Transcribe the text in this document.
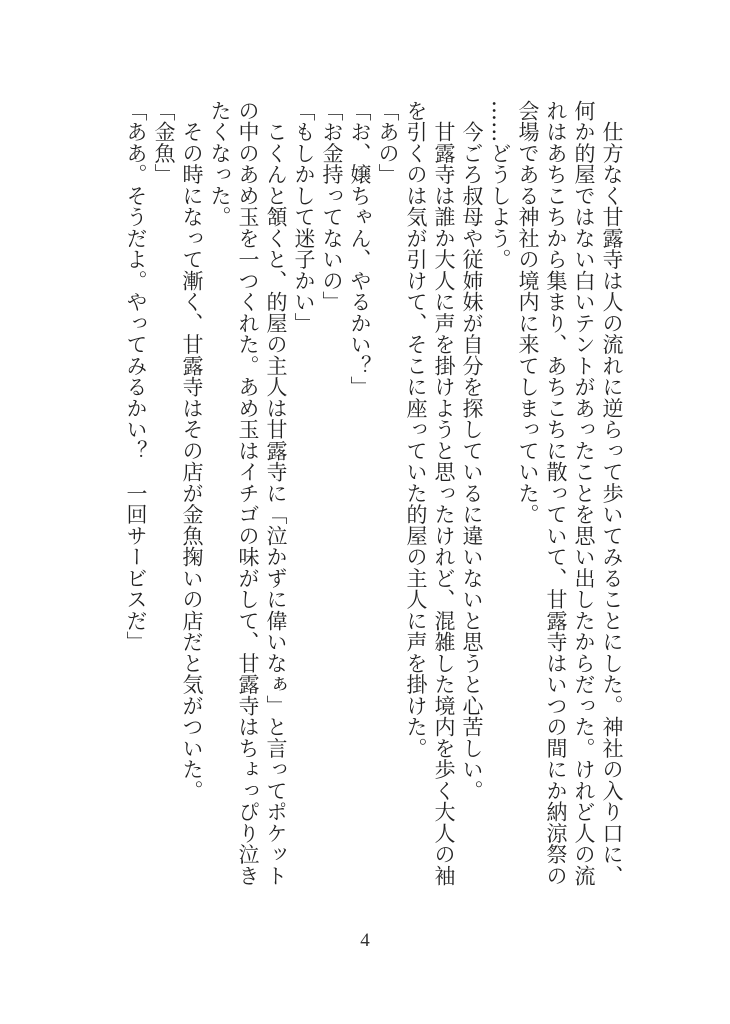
　仕方なく甘露寺は人の流れに逆らって歩いてみることにした。神社の入り口に、
何か的屋ではない白いテントがあったことを思い出したからだった。けれど人の流
れはあちこちから集まり、あちこちに散っていて、甘露寺はいつの間にか納涼祭の
会場である神社の境内に来てしまっていた。
……どうしよう。
　今ごろ叔母や従姉妹が自分を探しているに違いないと思うと心苦しい。
　甘露寺は誰か大人に声を掛けようと思ったけれど、混雑した境内を歩く大人の袖
を引くのは気が引けて、そこに座っていた的屋の主人に声を掛けた。
「あの」
「お、嬢ちゃん、やるかい？」
「お金持ってないの」
「もしかして迷子かい」
　こくんと頷くと、的屋の主人は甘露寺に「泣かずに偉いなぁ」と言ってポケット
の中のあめ玉を一つくれた。あめ玉はイチゴの味がして、甘露寺はちょっぴり泣き
たくなった。
　その時になって漸く、甘露寺はその店が金魚掬いの店だと気がついた。
「金魚」
「ああ。そうだよ。やってみるかい？　一回サービスだ」
4
